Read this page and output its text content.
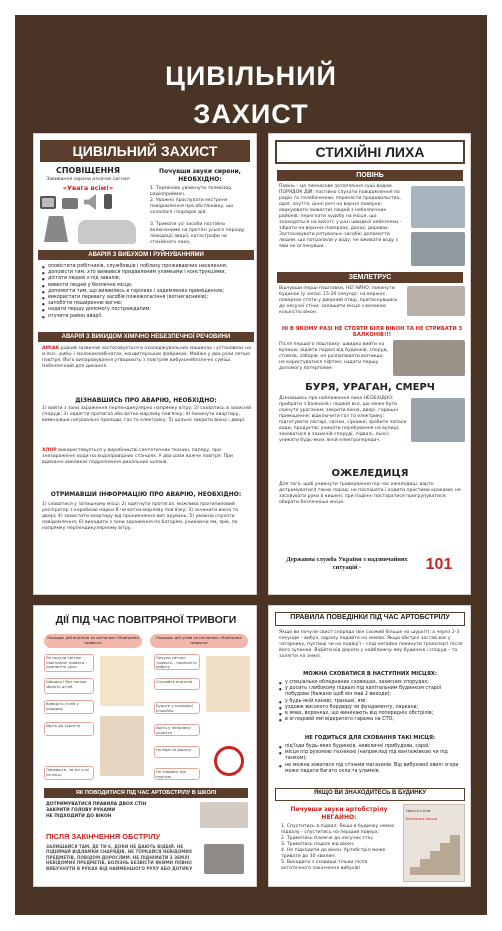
ЦИВІЛЬНИЙ
ЗАХИСТ
ЦИВІЛЬНИЙ ЗАХИСТ
СПОВІЩЕННЯ
Завивання сирени означає сигнал
«Увага всім!»
Почувши звуки сирени, НЕОБХІДНО:
1. Терміново увімкнути телевізор, радіоприймач.
2. Уважно прослухати екстрене повідомлення про обстановку, що склалася і порядок дій.
3. Тримати усі засоби постійно включеними на протязі усього періоду ліквідації аварії, катастрофи чи стихійного лиха.
АВАРІЯ З ВИБУХОМ І РУЙНУВАННЯМИ
● оповістити робітників, службовців і поблизу проживаючих населення;
● доповісти тим, хто виявився придавленим уламками і конструкціями;
● дістати людей з-під завалів;
● вивести людей у безпечне місце;
● допомогти тим, що виявились в горілках і задимлених приміщеннях;
● використати перевагу засобів пожежогасіння (вогнегасників);
● запобігти поширенню вогню;
● надати першу допомогу постраждалим;
● отучити район аварії.
АВАРІЯ З ВИКИДОМ ХІМІЧНО НЕБЕЗПЕЧНОЇ РЕЧОВИНИ
АМІАК рідкий зазвичай застосовується в охолоджувальних машинах і установках на м'ясо-, рибо- і молококомбінатах, кондитерських фабриках. Майже у два рази легше повітря. Його випаровування утворюють з повітрям вибухонебезпечні суміші. Небезпечний для дихання.
ДІЗНАВШИСЬ ПРО АВАРІЮ, НЕОБХІДНО:
1) вийти з зони зараження перпендикулярно напрямку вітру; 2) сховатись в захисній споруді; 3) надягти протигаз або ватно-марлеву пов'язку; 4) покинути квартиру, вимкнувши нагрівальні прилади, газ та електрику; 5) щільно закрити вікна і двері.
ХЛОР використовується у виробництві синтетичних тканин, паперу, при знезараженні води на водопровідних станціях. У два рази важче повітря. При вдиханні викликає подразнення дихальних шляхів.
ОТРИМАВШИ ІНФОРМАЦІЮ ПРО АВАРІЮ, НЕОБХІДНО:
1) сховатися у затишному місці; 2) одягнути протигаз, можливо протипиловий респіратор з коробкою марки В чи ватно-марлеву пов'язку; 3) зачинити вікна та двері; 4) захистити квартиру від проникнення вип арувань; 5) уважно слухати повідомлення; 6) виходити з зони зараження по батарям, уникаючи ям, ярів, по напрямку перпендикулярному вітру.
СТИХІЙНІ ЛИХА
ПОВІНЬ
Повінь – це тимчасове затоплення суші водою. ПОРЯДОК ДІЙ: постійно слухати повідомлення по радіо та телебаченню; перенести продовольство, одяг, взуття, цінні речі на верхні поверхи; евакуювати (вивести) людей з небезпечних районів; перегнати худобу на місця, що знаходяться на висоті; у разі швидкої небезпеки - зібрати на верхніх поверхах, дахах, деревах. Застосовувати рятувальні засоби; допомогти людям, що потрапили у воду; не вживати воду з ями не оглянувши.
ЗЕМЛЕТРУС
Відчувши перші поштовхи, НЕГАЙНО: покинути будинок (у запасі 15-20 секунд); на верхніх поверхах стати у дверний отвір, притиснувшись до несучої стіни; залишити місця з великою кількістю вікон.
НІ В ЯКОМУ РАЗІ НЕ СТОЯТИ БІЛЯ ВІКОН ТА НЕ СТРИБАТИ З БАЛКОНІВ!!!
Після першого поштовху: швидко вийти на вулицю; відійти подалі від будинків, споруд, стовпів, заборів; не розпалювати вогнища; не користуватися ліфтом; надати першу допомогу потерпілим.
БУРЯ, УРАГАН, СМЕРЧ
Дізнавшись про наближення лиха НЕОБХІДНО: прибрати з балконів і лоджій все, що може бути скинуто ураганом; закрити вікна, двері, горищні приміщення; відключити газ та електрику; підготувати ліхтарі, свічки, сірники; зробити запаси води, продуктів; уникати перебування на вулиці; заховатися в захисній споруді, підвалі, льосі; уникати будь-яких ліній електропередач.
ОЖЕЛЕДИЦЯ
Для того, щоб уникнути травмування під час ожеледиці, варто дотримуватися таких порад: не поспішати і ходити простими кроками; не засовувати руки в кишені; при падінні постаратися пригрупуватися; обирати безпечніше місце.
Державна служба України з надзвичайних ситуацій -	101
ДІЇ ПІД ЧАС ПОВІТРЯНОЇ ТРИВОГИ
Порядок дій вчителя за сигналом «Повітряна тривога»
Порядок дій учнів за сигналом «Повітряна тривога»
Як почули сигнал повітряної тривоги – припиніть урок
Швидко і без паніки зберіть дітей
Виведіть учнів у коридор
Йдіть до укриття
Перевірте, чи всі учні на місці
Почули сигнал тривоги – припиніть роботу
Слухайте вчителя
Будьте у коридорі спокійно
Йдіть у напрямку укриття
Не йди на дорогу
Не ховайся під партою
ЯК ПОВОДИТИСЯ ПІД ЧАС АРТОБСТРІЛУ В ШКОЛІ
ДОТРИМУВАТИСЯ ПРАВИЛА ДВОХ СТІН
ЗАКРИТИ ГОЛОВУ РУКАМИ
НЕ ПІДХОДИТИ ДО ВІКОН
ПІСЛЯ ЗАКІНЧЕННЯ ОБСТРІЛУ
ЗАЛИШАЙСЯ ТАМ, ДЕ ТИ Є, ДОКИ НЕ ДАЮТЬ ВІДБІЙ. НЕ ПІДІЙМАЙ ВІДЛАМКИ СНАРЯДІВ. НЕ ТОРКАЙСЯ НЕВІДОМИХ ПРЕДМЕТІВ, ПОВІДОМ ДОРОСЛИМ. НЕ ПІДНІМАТИ З ЗЕМЛІ НЕВІДОМИХ ПРЕДМЕТІВ, БОЛІЗНЬ БЕЗВІСТИ ЯКИМИ ПОВНО ВИБУХНУТИ В РУКАХ ВІД НАЙМЕНШОГО РУХУ АБО ДОТИКУ
ПРАВИЛА ПОВЕДІНКИ ПІД ЧАС АРТОБСТРІЛУ
Якщо ви почули свист снаряда (він схожий більше на шурхіт), а через 2-3 секунди – вибух, одразу падайте на землю. Якщо обстріл застав вас у чагарнику, пустищі чи на подвір'ї – слід негайно покинути транспорт після його зупинки. Відійти від дороги у найближчу яму будинків і споруд – та залягти на землі.
МОЖНА СХОВАТИСЯ В НАСТУПНИХ МІСЦЯХ:
● у спеціально обладнаних сховищах, захисних спорудах;
● у досить глибокому підвалі під капітальним будинком старої побудови (бажано щоб він мав 2 виходи);
● у будь-якій канаві, траншеї, ямі;
● уздовж високого бордюру чи фундаменту, паркана;
● в ямах, воронках, що виникають від попередніх обстрілів;
● в оглядовій ямі відкритого гаража на СТО;
НЕ ГОДИТЬСЯ ДЛЯ СХОВАННЯ ТАКІ МІСЦЯ:
● під'їзди будь-яких будинків, невеличкі прибудови, сараї;
● місця під рухомою технікою (наприклад під вантажівкою чи під танком);
● не можна ховатися під стінами магазинів. Від вибухової хвилі згори може падати багато скла та уламків.
ЯКЩО ВИ ЗНАХОДИТЕСЬ В БУДИНКУ
Почувши звуки артобстрілу НЕГАЙНО:
1. Спуститись в підвал. Якщо в будинку немає підвалу - спуститись на перший поверх;
2. Триматись ближче до несучих стін;
3. Триматись подалі від вікон;
4. Не підходити до вікон. Артобстріл може тривати до 30 хвилин;
5. Виходити з сховища тільки після остаточного закінчення вибухів!
Несучі стіни
Безпечне місце
